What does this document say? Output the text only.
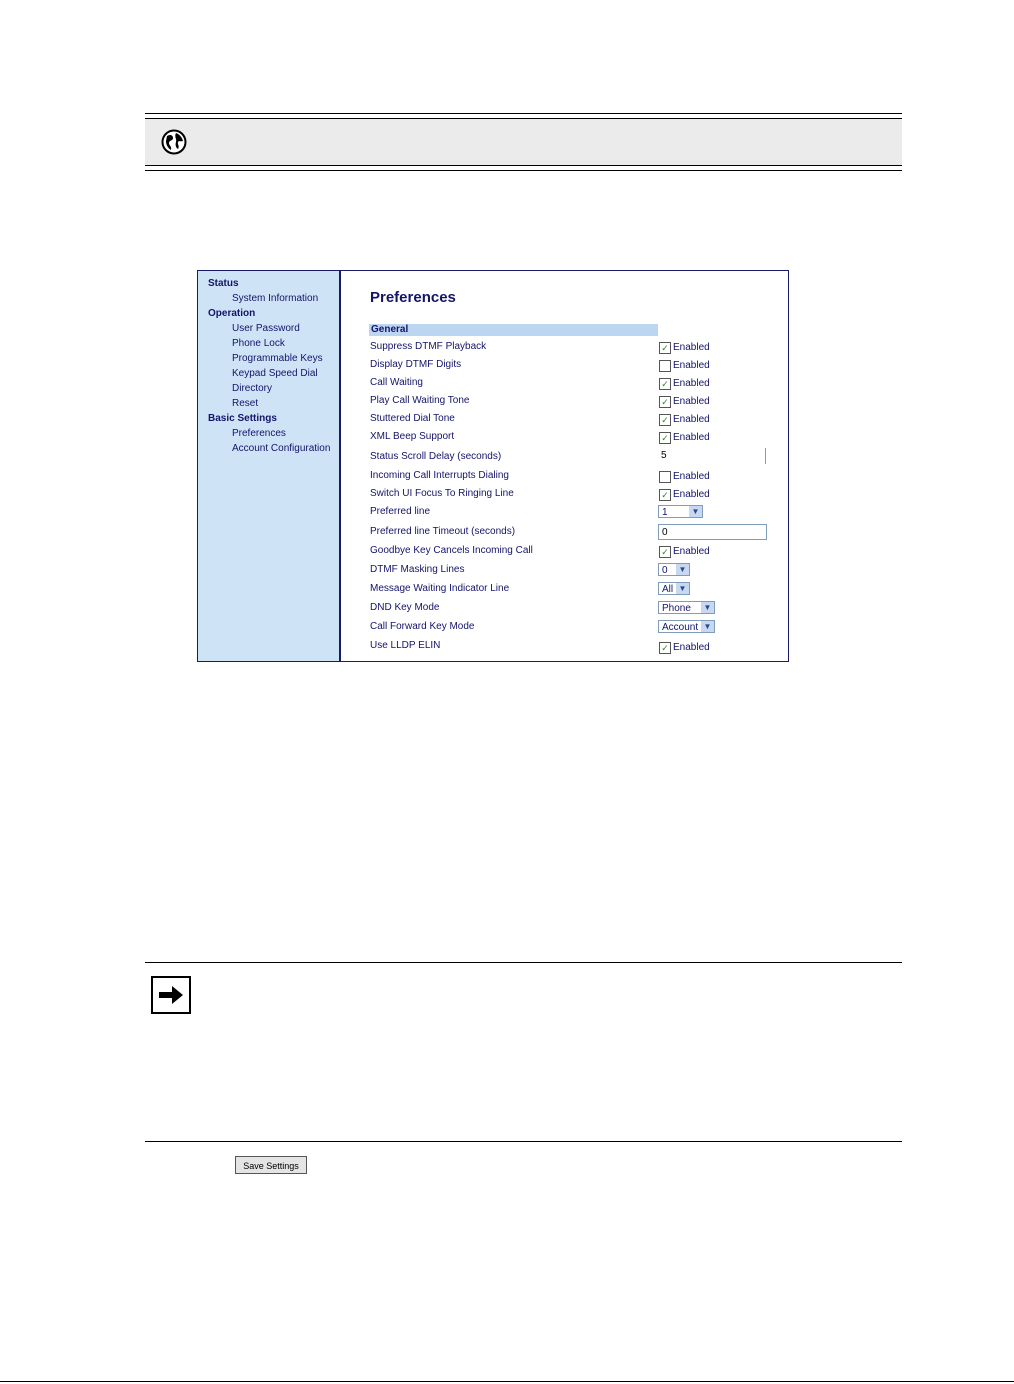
Status
System Information
Operation
User Password
Phone Lock
Programmable Keys
Keypad Speed Dial
Directory
Reset
Basic Settings
Preferences
Account Configuration
Preferences
General
Suppress DTMF Playback	✓ Enabled
Display DTMF Digits	Enabled
Call Waiting	✓ Enabled
Play Call Waiting Tone	✓ Enabled
Stuttered Dial Tone	✓ Enabled
XML Beep Support	✓ Enabled
Status Scroll Delay (seconds)	5
Incoming Call Interrupts Dialing	Enabled
Switch UI Focus To Ringing Line	✓ Enabled
Preferred line	1	▼
Preferred line Timeout (seconds)	0
Goodbye Key Cancels Incoming Call	✓ Enabled
DTMF Masking Lines	0	▼
Message Waiting Indicator Line	All ▼
DND Key Mode	Phone	▼
Call Forward Key Mode	Account ▼
Use LLDP ELIN	✓ Enabled
Save Settings
